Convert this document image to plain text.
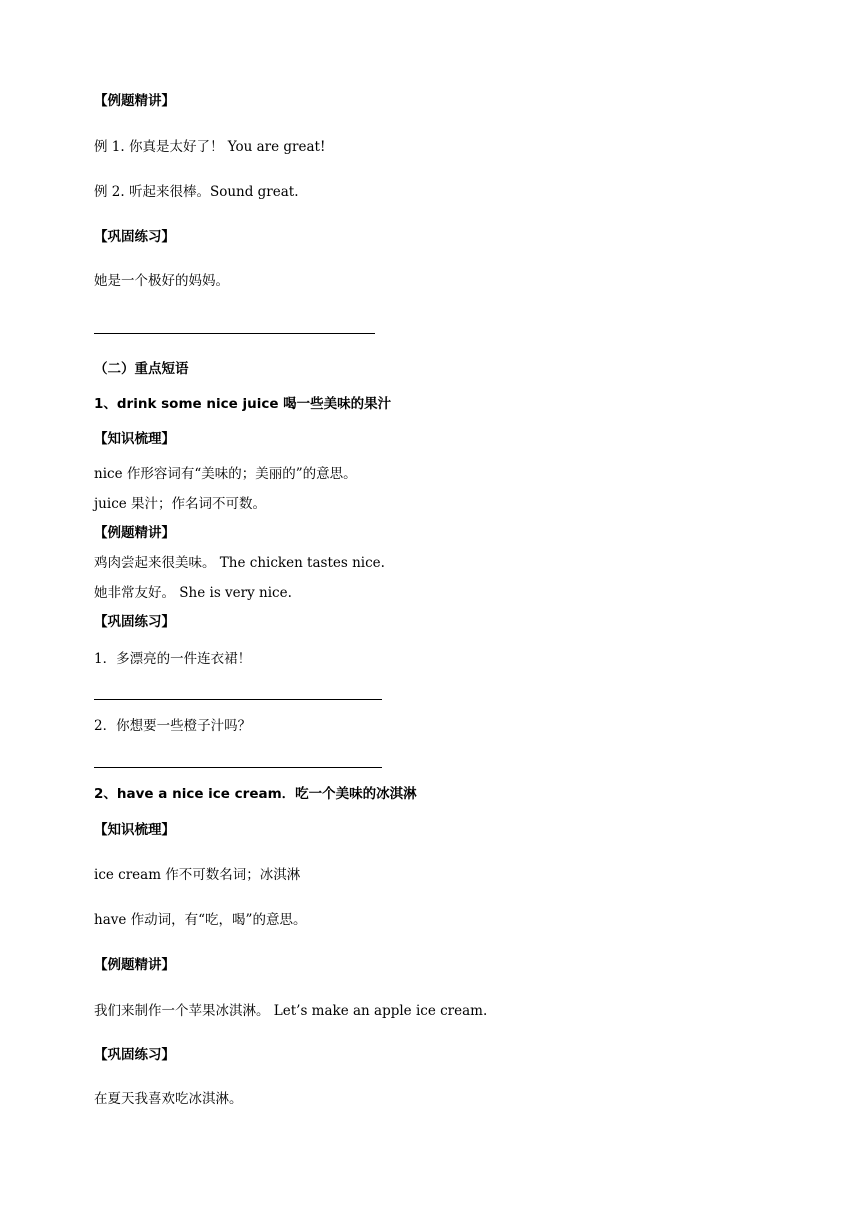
【例题精讲】
例 1. 你真是太好了！ You are great!
例 2. 听起来很棒。Sound great.
【巩固练习】
她是一个极好的妈妈。
（二）重点短语
1、drink some nice juice 喝一些美味的果汁
【知识梳理】
nice 作形容词有“美味的；美丽的”的意思。
juice 果汁；作名词不可数。
【例题精讲】
鸡肉尝起来很美味。 The chicken tastes nice.
她非常友好。 She is very nice.
【巩固练习】
1．多漂亮的一件连衣裙！
2．你想要一些橙子汁吗？
2、have a nice ice cream．吃一个美味的冰淇淋
【知识梳理】
ice cream 作不可数名词；冰淇淋
have 作动词，有“吃，喝”的意思。
【例题精讲】
我们来制作一个苹果冰淇淋。 Let’s make an apple ice cream.
【巩固练习】
在夏天我喜欢吃冰淇淋。
